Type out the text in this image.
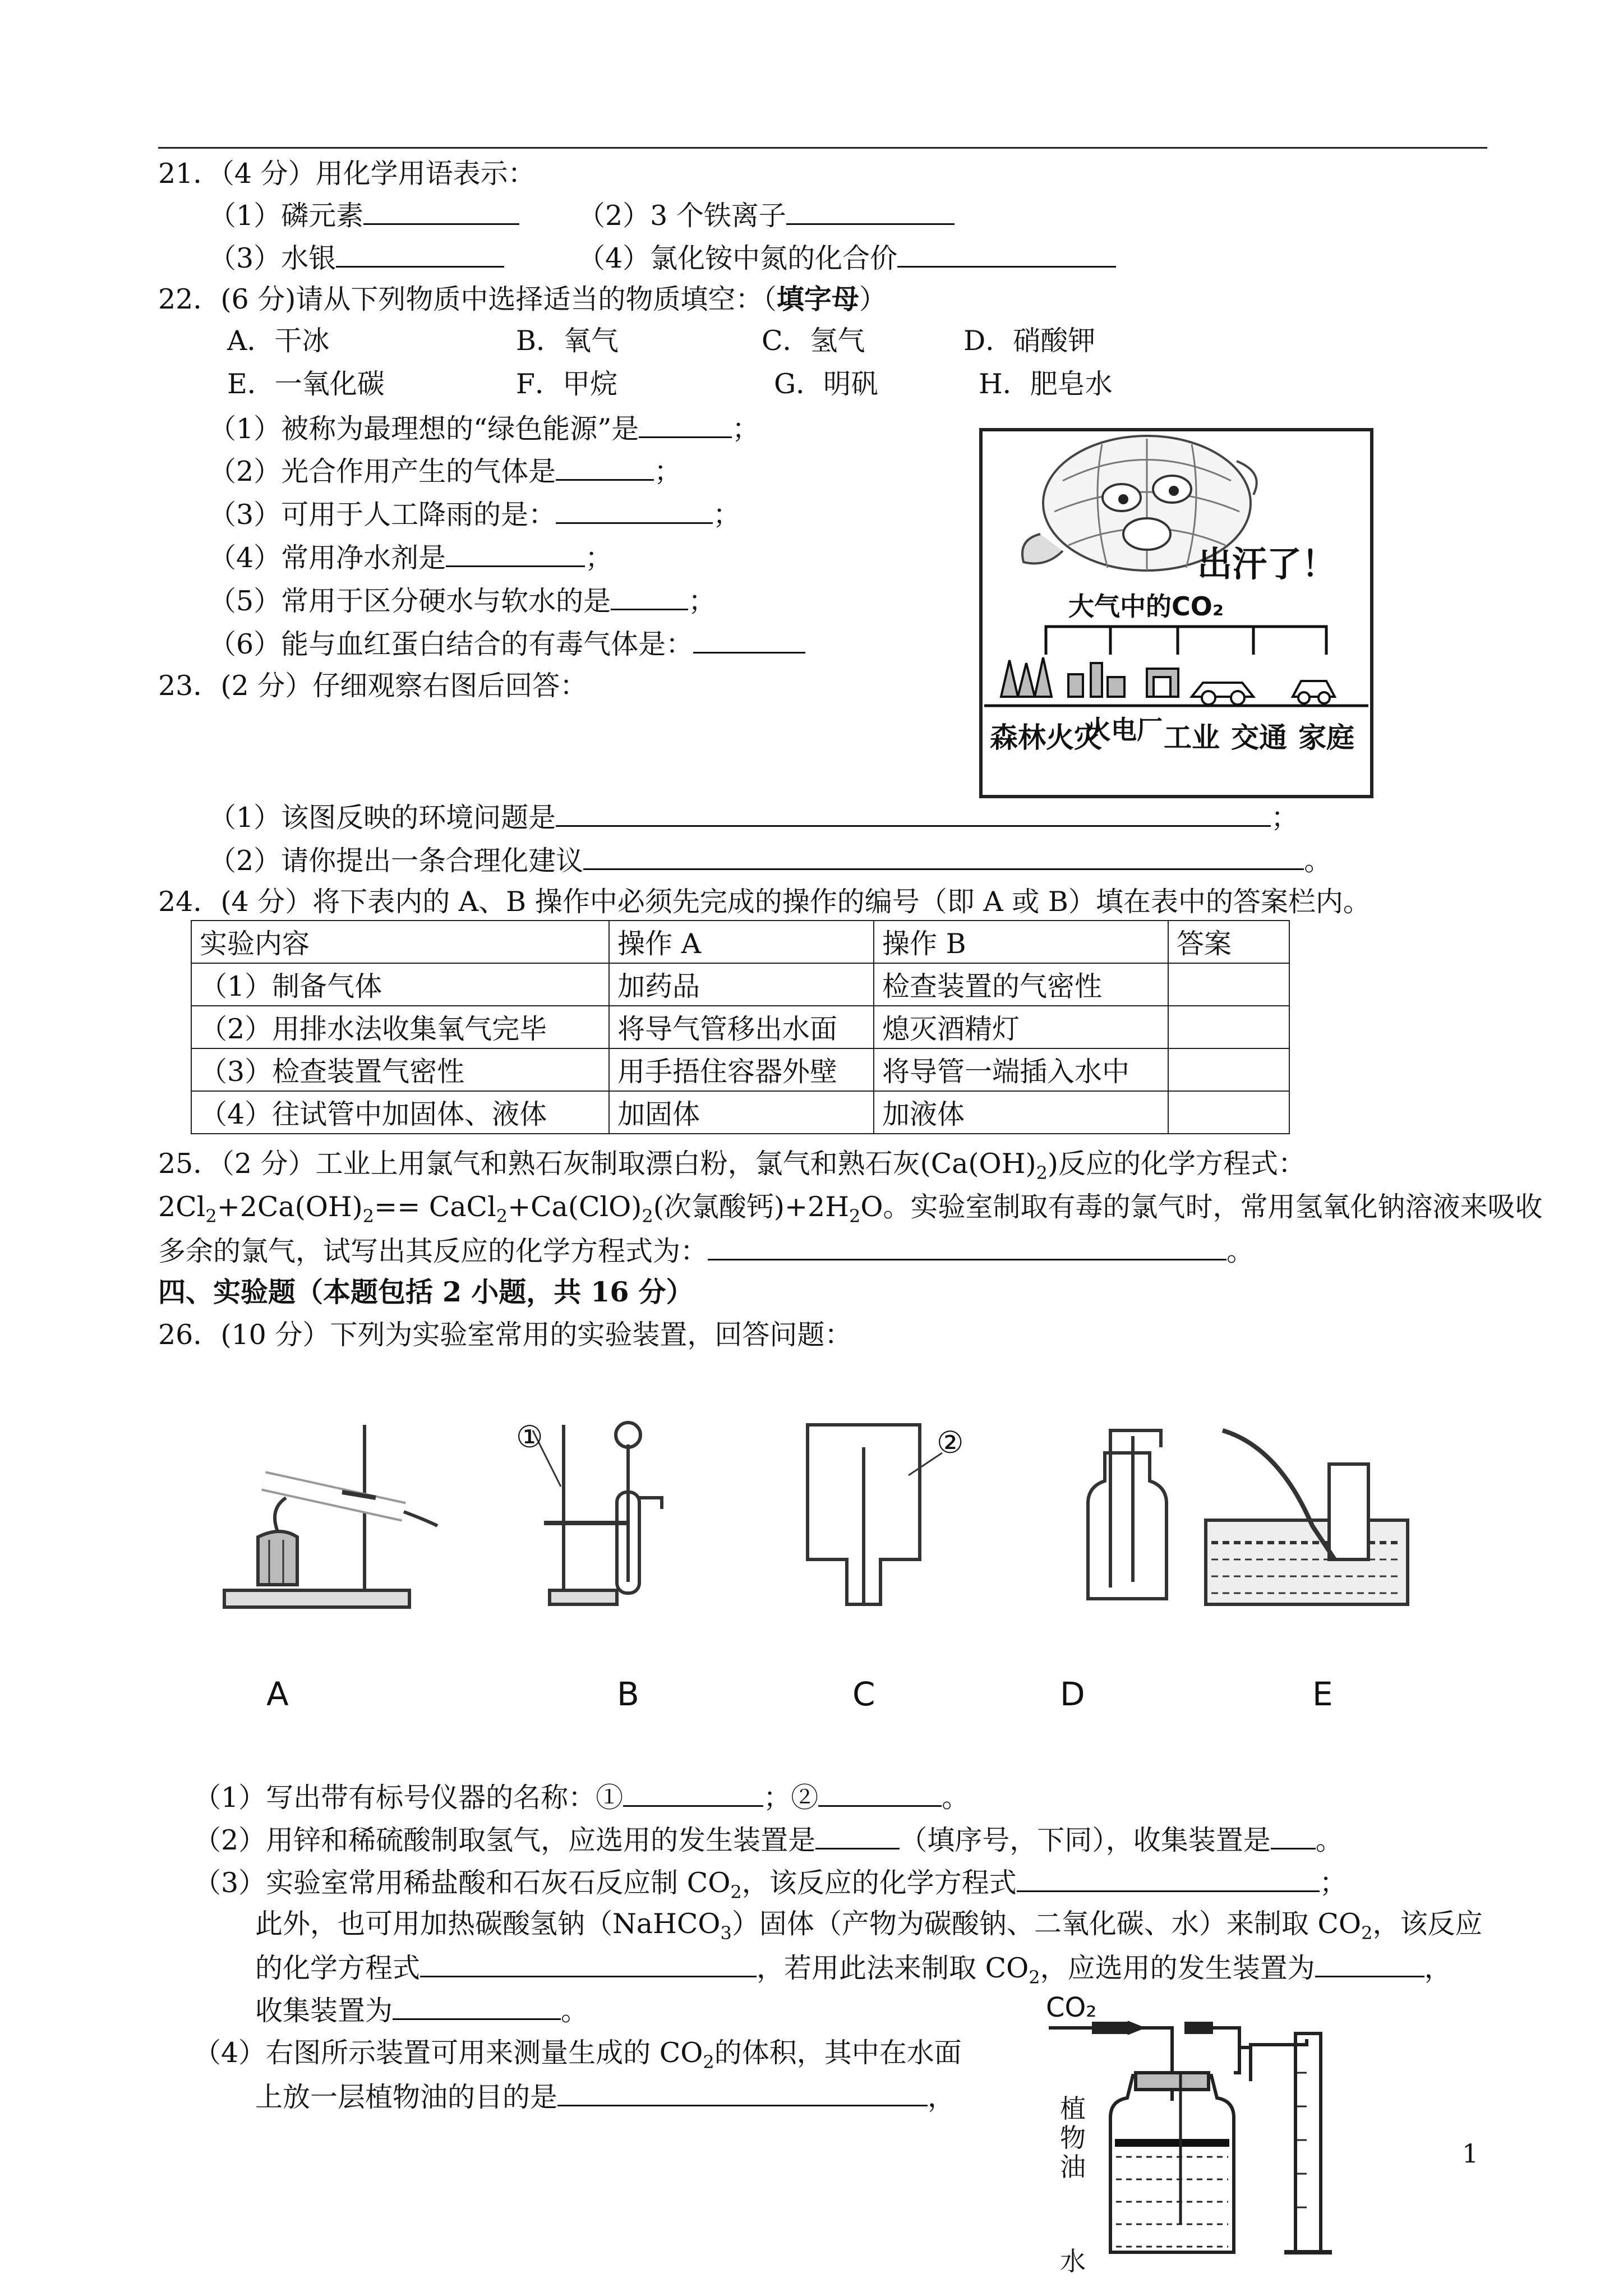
21．（4 分）用化学用语表示：
（1）磷元素	（2）3 个铁离子
（3）水银	（4）氯化铵中氮的化合价
22．(6 分)请从下列物质中选择适当的物质填空：（填字母）
A．干冰	B．氧气	C．氢气	D．硝酸钾
E．一氧化碳	F．甲烷	G．明矾	H．肥皂水
（1）被称为最理想的“绿色能源”是	；
（2）光合作用产生的气体是	；
（3）可用于人工降雨的是：	；
（4）常用净水剂是	；
（5）常用于区分硬水与软水的是	；
（6）能与血红蛋白结合的有毒气体是：
出汗了！
大气中的CO₂
森林火灾
火电厂 工业 交通 家庭
23．(2 分）仔细观察右图后回答：
（1）该图反映的环境问题是	；
（2）请你提出一条合理化建议	。
24．(4 分）将下表内的 A、B 操作中必须先完成的操作的编号（即 A 或 B）填在表中的答案栏内。
实验内容	操作 A	操作 B	答案
（1）制备气体	加药品	检查装置的气密性	
（2）用排水法收集氧气完毕	将导气管移出水面	熄灭酒精灯	
（3）检查装置气密性	用手捂住容器外壁	将导管一端插入水中	
（4）往试管中加固体、液体	加固体	加液体	
25．（2 分）工业上用氯气和熟石灰制取漂白粉，氯气和熟石灰$(Ca(OH)_2)$反应的化学方程式：
$2Cl_2+2Ca(OH)_2==$ $CaCl_2+Ca(ClO)_2$(次氯酸钙)$+2H_2O$。实验室制取有毒的氯气时，常用氢氧化钠溶液来吸收
多余的氯气，试写出其反应的化学方程式为：	。
四、实验题（本题包括 2 小题，共 16 分）
26．(10 分）下列为实验室常用的实验装置，回答问题：
①	②
A	B	C	D	E
（1）写出带有标号仪器的名称：①	；②	。
（2）用锌和稀硫酸制取氢气，应选用的发生装置是	（填序号，下同），收集装置是 。
（3）实验室常用稀盐酸和石灰石反应制 $CO_2$，该反应的化学方程式	；
此外，也可用加热碳酸氢钠（NaHCO$_3$）固体（产物为碳酸钠、二氧化碳、水）来制取 $CO_2$，该反应
的化学方程式	，若用此法来制取 $CO_2$，应选用的发生装置为	，
收集装置为	。
（4）右图所示装置可用来测量生成的 $CO_2$的体积，其中在水面
上放一层植物油的目的是	，
CO₂
植
物
油
水
1
